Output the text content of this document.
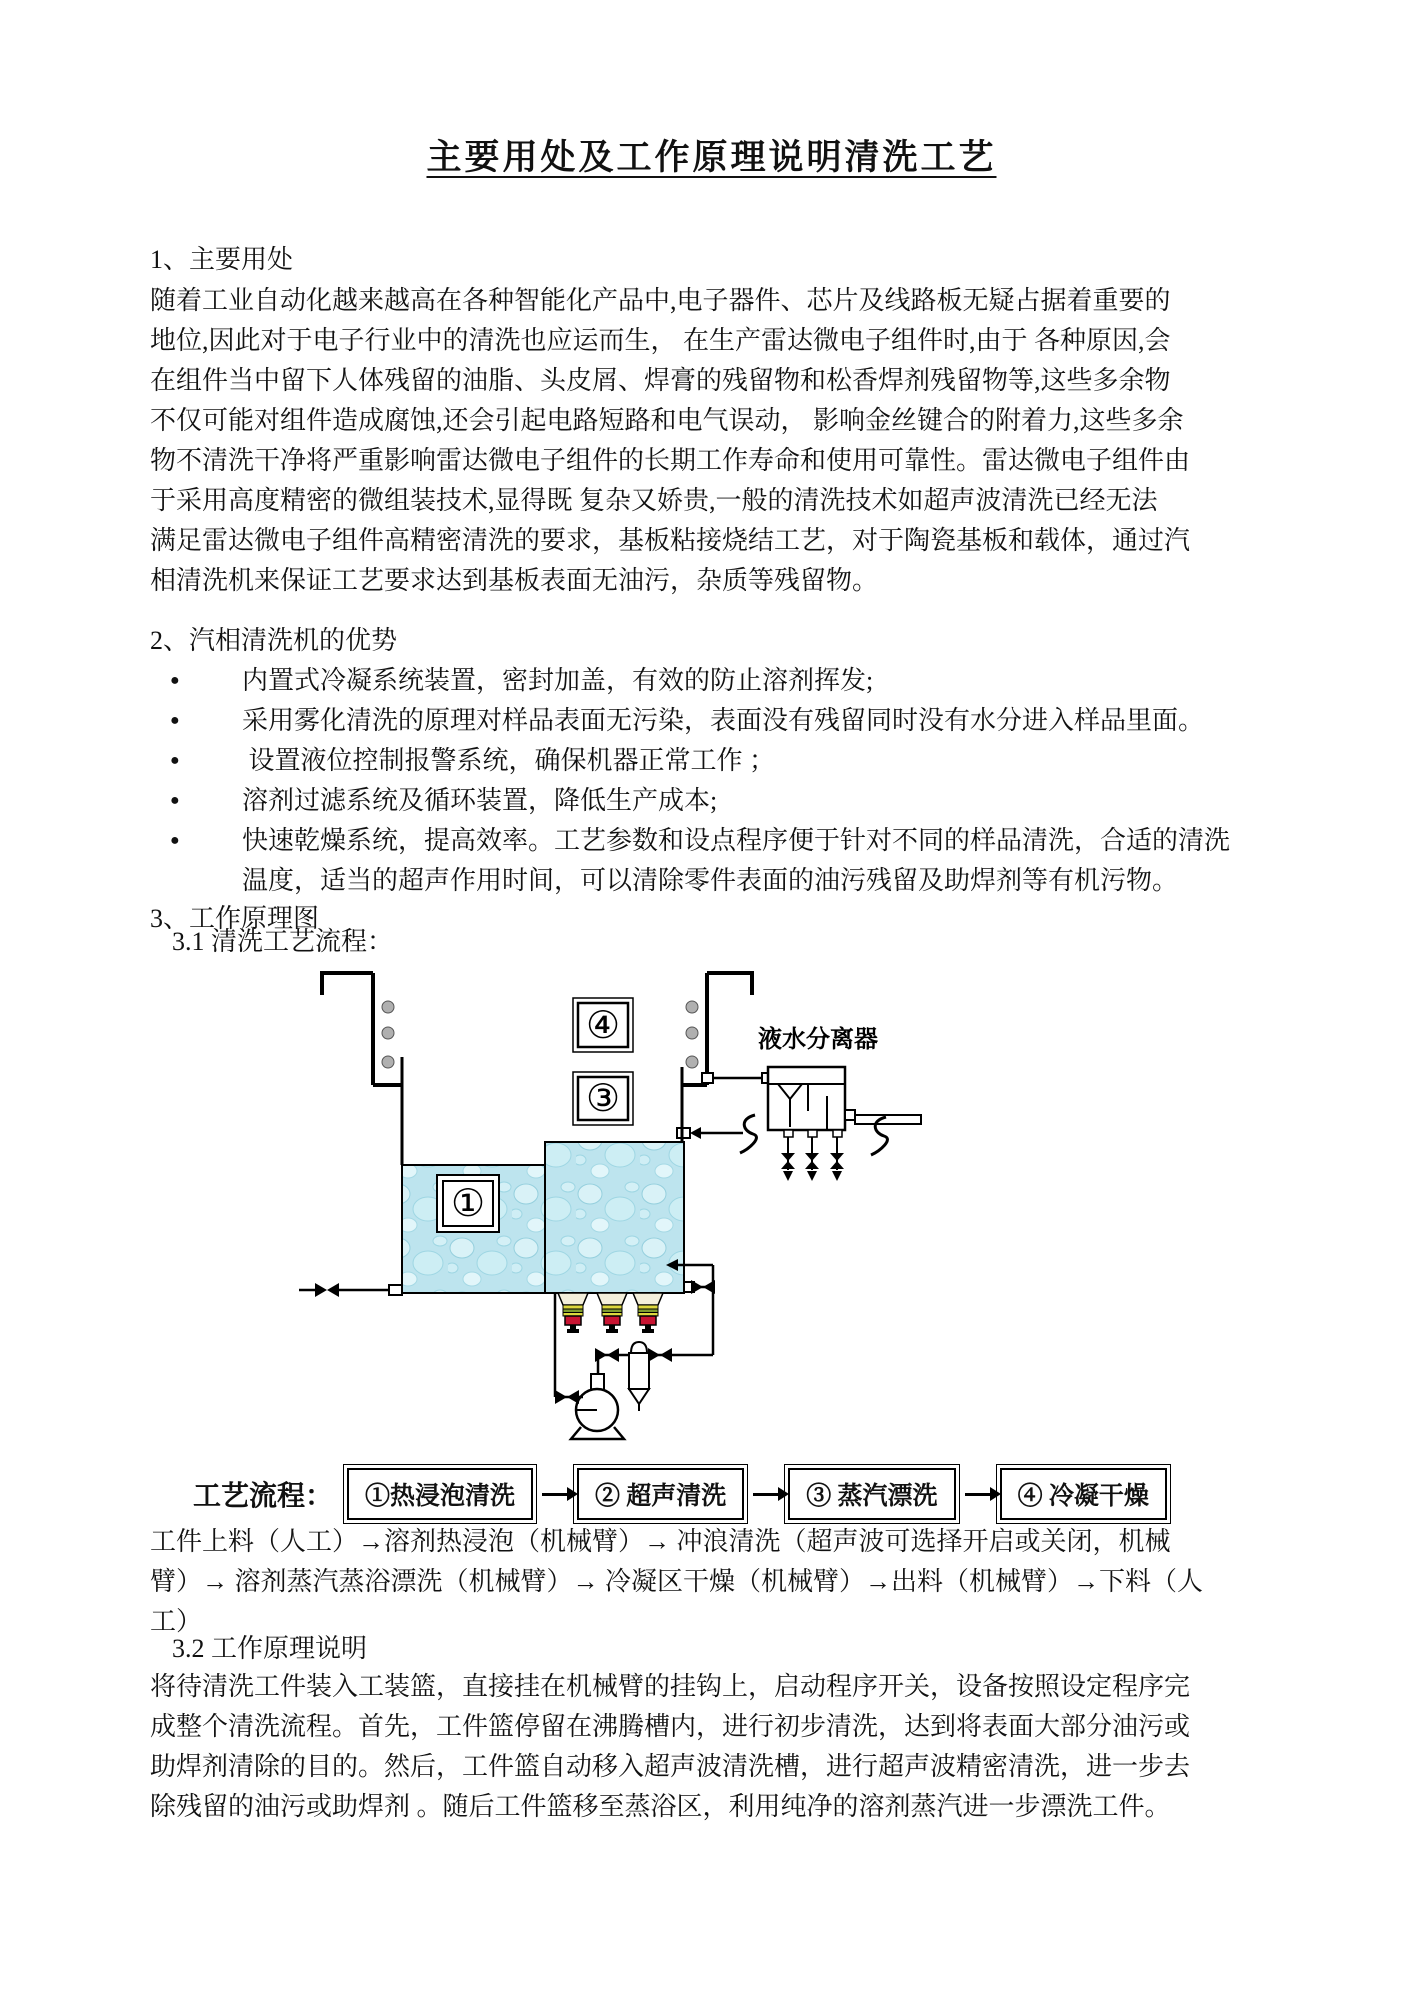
主要用处及工作原理说明清洗工艺
1、主要用处
随着工业自动化越来越高在各种智能化产品中,电子器件、芯片及线路板无疑占据着重要的
地位,因此对于电子行业中的清洗也应运而生， 在生产雷达微电子组件时,由于 各种原因,会
在组件当中留下人体残留的油脂、头皮屑、焊膏的残留物和松香焊剂残留物等,这些多余物
不仅可能对组件造成腐蚀,还会引起电路短路和电气误动， 影响金丝键合的附着力,这些多余
物不清洗干净将严重影响雷达微电子组件的长期工作寿命和使用可靠性。雷达微电子组件由
于采用高度精密的微组装技术,显得既 复杂又娇贵,一般的清洗技术如超声波清洗已经无法
满足雷达微电子组件高精密清洗的要求，基板粘接烧结工艺，对于陶瓷基板和载体，通过汽
相清洗机来保证工艺要求达到基板表面无油污，杂质等残留物。
2、汽相清洗机的优势
●	内置式冷凝系统装置，密封加盖，有效的防止溶剂挥发;
●	采用雾化清洗的原理对样品表面无污染，表面没有残留同时没有水分进入样品里面。
●	设置液位控制报警系统，确保机器正常工作 ；
●	溶剂过滤系统及循环装置，降低生产成本;
●	快速乾燥系统，提高效率。工艺参数和设点程序便于针对不同的样品清洗，合适的清洗
温度，适当的超声作用时间，可以清除零件表面的油污残留及助焊剂等有机污物。
3、工作原理图
3.1 清洗工艺流程：
④
③
液水分离器
①
工艺流程：	①热浸泡清洗	② 超声清洗	③ 蒸汽漂洗	④ 冷凝干燥
工件上料（人工）→溶剂热浸泡（机械臂）→ 冲浪清洗（超声波可选择开启或关闭，机械
臂）→ 溶剂蒸汽蒸浴漂洗（机械臂）→ 冷凝区干燥（机械臂）→出料（机械臂）→下料（人
工）
3.2 工作原理说明
将待清洗工件装入工装篮，直接挂在机械臂的挂钩上，启动程序开关，设备按照设定程序完
成整个清洗流程。首先，工件篮停留在沸腾槽内，进行初步清洗，达到将表面大部分油污或
助焊剂清除的目的。然后，工件篮自动移入超声波清洗槽，进行超声波精密清洗，进一步去
除残留的油污或助焊剂 。随后工件篮移至蒸浴区，利用纯净的溶剂蒸汽进一步漂洗工件。
